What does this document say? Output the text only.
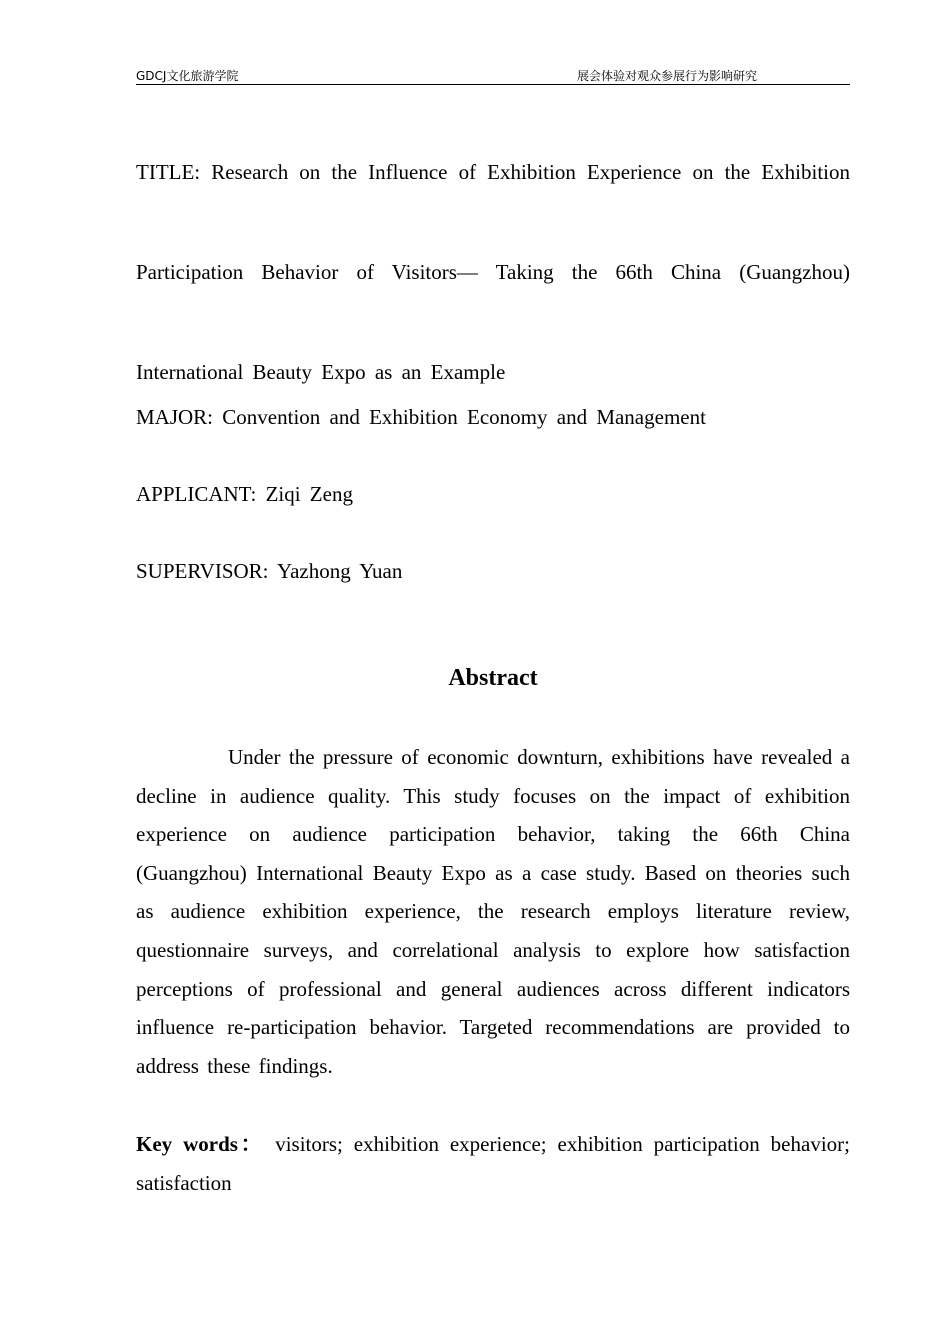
GDCJ文化旅游学院	展会体验对观众参展行为影响研究
TITLE: Research on the Influence of Exhibition Experience on the Exhibition Participation Behavior of Visitors— Taking the 66th China (Guangzhou) International Beauty Expo as an Example
MAJOR: Convention and Exhibition Economy and Management
APPLICANT: Ziqi Zeng
SUPERVISOR: Yazhong Yuan
Abstract

Under the pressure of economic downturn, exhibitions have revealed a decline in audience quality. This study focuses on the impact of exhibition experience on audience participation behavior, taking the 66th China (Guangzhou) International Beauty Expo as a case study. Based on theories such as audience exhibition experience, the research employs literature review, questionnaire surveys, and correlational analysis to explore how satisfaction perceptions of professional and general audiences across different indicators influence re-participation behavior. Targeted recommendations are provided to address these findings.

Key words： visitors; exhibition experience; exhibition participation behavior; satisfaction
